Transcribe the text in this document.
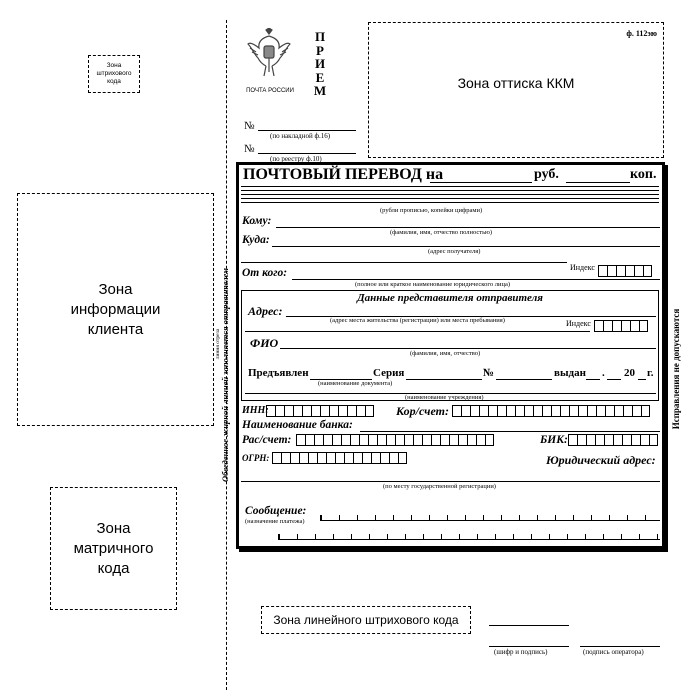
Зона
штрихового
кода
Зона
информации
клиента
Зона
матричного
кода
ПОЧТА РОССИИ
ПРИЕМ
ф. 112эю
Зона оттиска ККМ
№
(по накладной ф.16)
№
(по реестру ф.10)
Обведенное жирной линией заполняется отправителем
линия отреза	Исправления не допускаются
ПОЧТОВЫЙ ПЕРЕВОД на	руб.	коп.
(рубли прописью, копейки цифрами)
Кому:
(фамилия, имя, отчество полностью)
Куда:
(адрес получателя)
Индекс
От кого:
(полное или краткое наименование юридического лица)
Данные представителя отправителя
Адрес:
(адрес места жительства (регистрации) или места пребывания)	Индекс
ФИО
(фамилия, имя, отчество)
Предъявлен
(наименование документа)
Серия	№	выдан . 20 г.
(наименование учреждения)
ИНН:	Кор/счет:
Наименование банка:
Рас/счет:	БИК:
ОГРН:	Юридический адрес:
(по месту государственной регистрации)
Сообщение:
(назначение платежа)
Зона линейного штрихового кода
(шифр и подпись)	(подпись оператора)
